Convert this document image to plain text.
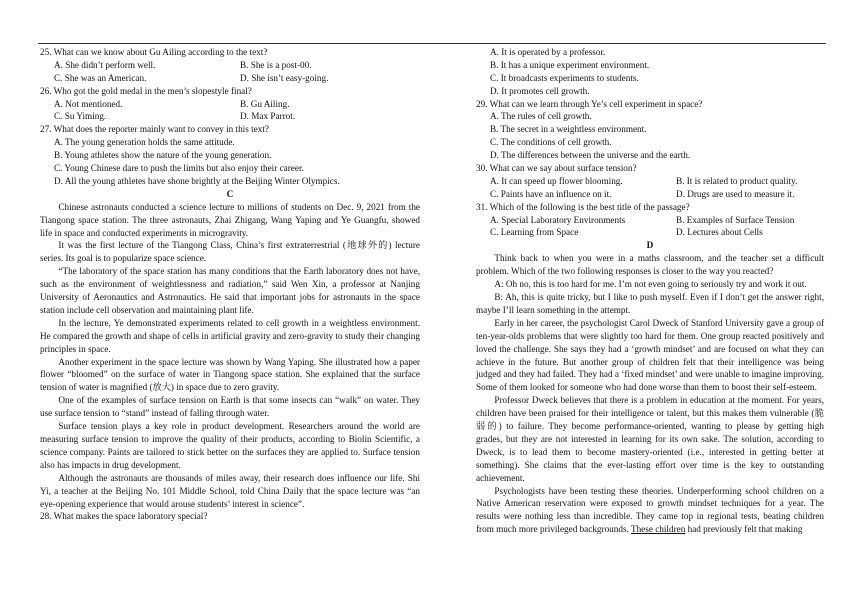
25. What can we know about Gu Ailing according to the text?
A. She didn’t perform well.	B. She is a post-00.
C. She was an American.	D. She isn’t easy-going.
26. Who got the gold medal in the men’s slopestyle final?
A. Not mentioned.	B. Gu Ailing.
C. Su Yiming.	D. Max Parrot.
27. What does the reporter mainly want to convey in this text?
A. The young generation holds the same attitude.
B. Young athletes show the nature of the young generation.
C. Young Chinese dare to push the limits but also enjoy their career.
D. All the young athletes have shone brightly at the Beijing Winter Olympics.
C
Chinese astronauts conducted a science lecture to millions of students on Dec. 9, 2021 from the Tiangong space station. The three astronauts, Zhai Zhigang, Wang Yaping and Ye Guangfu, showed life in space and conducted experiments in microgravity.
It was the first lecture of the Tiangong Class, China’s first extraterrestrial (地球外的) lecture series. Its goal is to popularize space science.
“The laboratory of the space station has many conditions that the Earth laboratory does not have, such as the environment of weightlessness and radiation,” said Wen Xin, a professor at Nanjing University of Aeronautics and Astronautics. He said that important jobs for astronauts in the space station include cell observation and maintaining plant life.
In the lecture, Ye demonstrated experiments related to cell growth in a weightless environment. He compared the growth and shape of cells in artificial gravity and zero-gravity to study their changing principles in space.
Another experiment in the space lecture was shown by Wang Yaping. She illustrated how a paper flower “bloomed” on the surface of water in Tiangong space station. She explained that the surface tension of water is magnified (放大) in space due to zero gravity.
One of the examples of surface tension on Earth is that some insects can “walk” on water. They use surface tension to “stand” instead of falling through water.
Surface tension plays a key role in product development. Researchers around the world are measuring surface tension to improve the quality of their products, according to Biolin Scientific, a science company. Paints are tailored to stick better on the surfaces they are applied to. Surface tension also has impacts in drug development.
Although the astronauts are thousands of miles away, their research does influence our life. Shi Yi, a teacher at the Beijing No. 101 Middle School, told China Daily that the space lecture was “an eye-opening experience that would arouse students’ interest in science”.
28. What makes the space laboratory special?
A. It is operated by a professor.
B. It has a unique experiment environment.
C. It broadcasts experiments to students.
D. It promotes cell growth.
29. What can we learn through Ye’s cell experiment in space?
A. The rules of cell growth.
B. The secret in a weightless environment.
C. The conditions of cell growth.
D. The differences between the universe and the earth.
30. What can we say about surface tension?
A. It can speed up flower blooming.	B. It is related to product quality.
C. Paints have an influence on it.	D. Drugs are used to measure it.
31. Which of the following is the best title of the passage?
A. Special Laboratory Environments	B. Examples of Surface Tension
C. Learning from Space	D. Lectures about Cells
D
Think back to when you were in a maths classroom, and the teacher set a difficult problem. Which of the two following responses is closer to the way you reacted?
A: Oh no, this is too hard for me. I’m not even going to seriously try and work it out.
B: Ah, this is quite tricky, but I like to push myself. Even if I don’t get the answer right, maybe I’ll learn something in the attempt.
Early in her career, the psychologist Carol Dweck of Stanford University gave a group of ten-year-olds problems that were slightly too hard for them. One group reacted positively and loved the challenge. She says they had a ‘growth mindset’ and are focused on what they can achieve in the future. But another group of children felt that their intelligence was being judged and they had failed. They had a ‘fixed mindset’ and were unable to imagine improving. Some of them looked for someone who had done worse than them to boost their self-esteem.
Professor Dweck believes that there is a problem in education at the moment. For years, children have been praised for their intelligence or talent, but this makes them vulnerable (脆弱的) to failure. They become performance-oriented, wanting to please by getting high grades, but they are not interested in learning for its own sake. The solution, according to Dweck, is to lead them to become mastery-oriented (i.e., interested in getting better at something). She claims that the ever-lasting effort over time is the key to outstanding achievement.
Psychologists have been testing these theories. Underperforming school children on a Native American reservation were exposed to growth mindset techniques for a year. The results were nothing less than incredible. They came top in regional tests, beating children from much more privileged backgrounds. These children had previously felt that making
